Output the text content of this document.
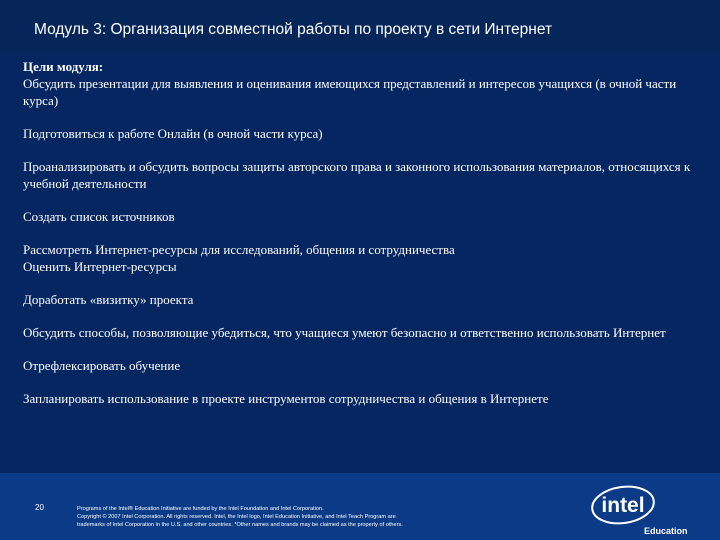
Модуль 3: Организация совместной работы по проекту в сети Интернет

Цели модуля:

Обсудить презентации для выявления и оценивания имеющихся представлений и интересов учащихся (в очной части курса)

Подготовиться к работе Онлайн (в очной части курса)

Проанализировать и обсудить вопросы защиты авторского права и законного использования материалов, относящихся к учебной деятельности

Создать список источников

Рассмотреть Интернет-ресурсы для исследований, общения и сотрудничества

Оценить Интернет-ресурсы

Доработать «визитку» проекта

Обсудить способы, позволяющие убедиться, что учащиеся умеют безопасно и ответственно использовать Интернет

Отрефлексировать обучение

Запланировать использование в проекте инструментов сотрудничества и общения в Интернете

20	Programs of the Intel® Education Initiative are funded by the Intel Foundation and Intel Corporation.
Copyright © 2007 Intel Corporation. All rights reserved. Intel, the Intel logo, Intel Education Initiative, and Intel Teach Program are
trademarks of Intel Corporation in the U.S. and other countries. *Other names and brands may be claimed as the property of others.
intel
Education
